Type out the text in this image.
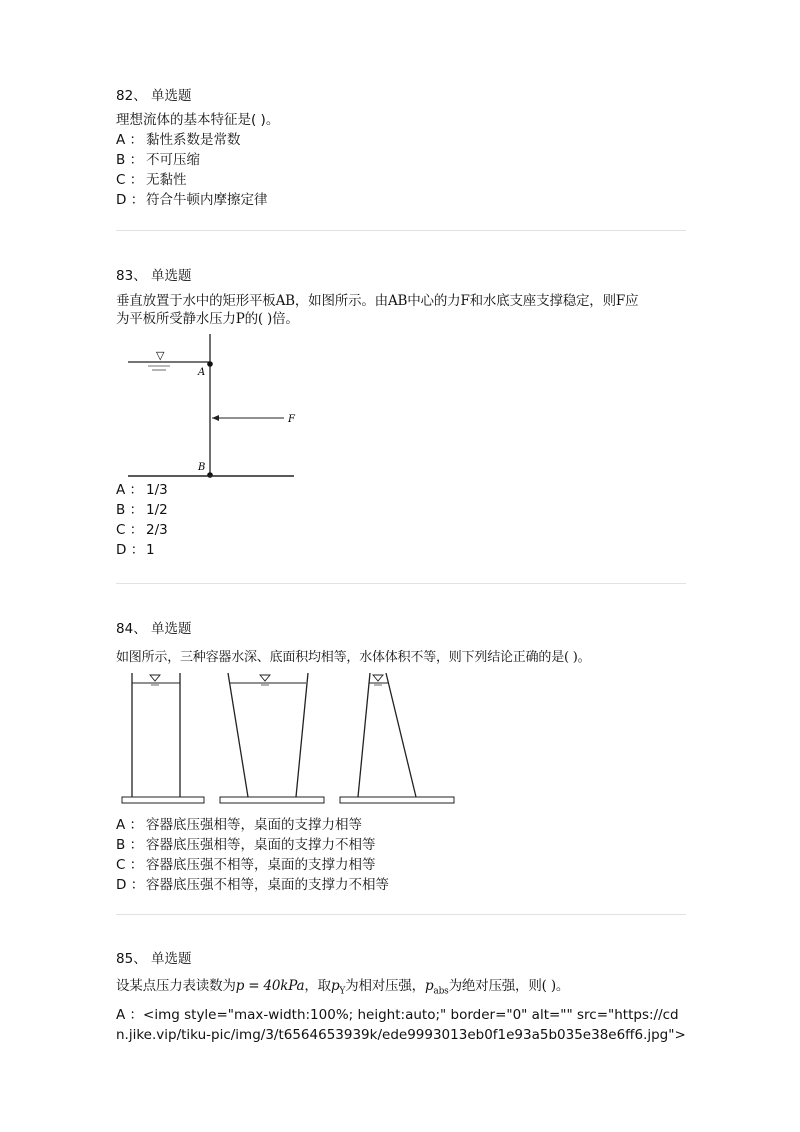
82、 单选题

理想流体的基本特征是( )。

A ： 黏性系数是常数

B ： 不可压缩

C ： 无黏性

D ： 符合牛顿内摩擦定律

83、 单选题

垂直放置于水中的矩形平板AB，如图所示。由AB中心的力F和水底支座支撑稳定，则F应

为平板所受静水压力P的( )倍。

▽
A
B
F

A ： 1/3

B ： 1/2

C ： 2/3

D ： 1

84、 单选题

如图所示，三种容器水深、底面积均相等，水体体积不等，则下列结论正确的是( )。

A ： 容器底压强相等，桌面的支撑力相等

B ： 容器底压强相等，桌面的支撑力不相等

C ： 容器底压强不相等，桌面的支撑力相等

D ： 容器底压强不相等，桌面的支撑力不相等

85、 单选题

设某点压力表读数为p = 40kPa，取$p_Y$为相对压强，$p_{abs}$为绝对压强，则( )。

A ：<img style="max-width:100%; height:auto;" border="0" alt="" src="https://cdn.jike.vip/tiku-pic/img/3/t6564653939k/ede9993013eb0f1e93a5b035e38e6ff6.jpg">
